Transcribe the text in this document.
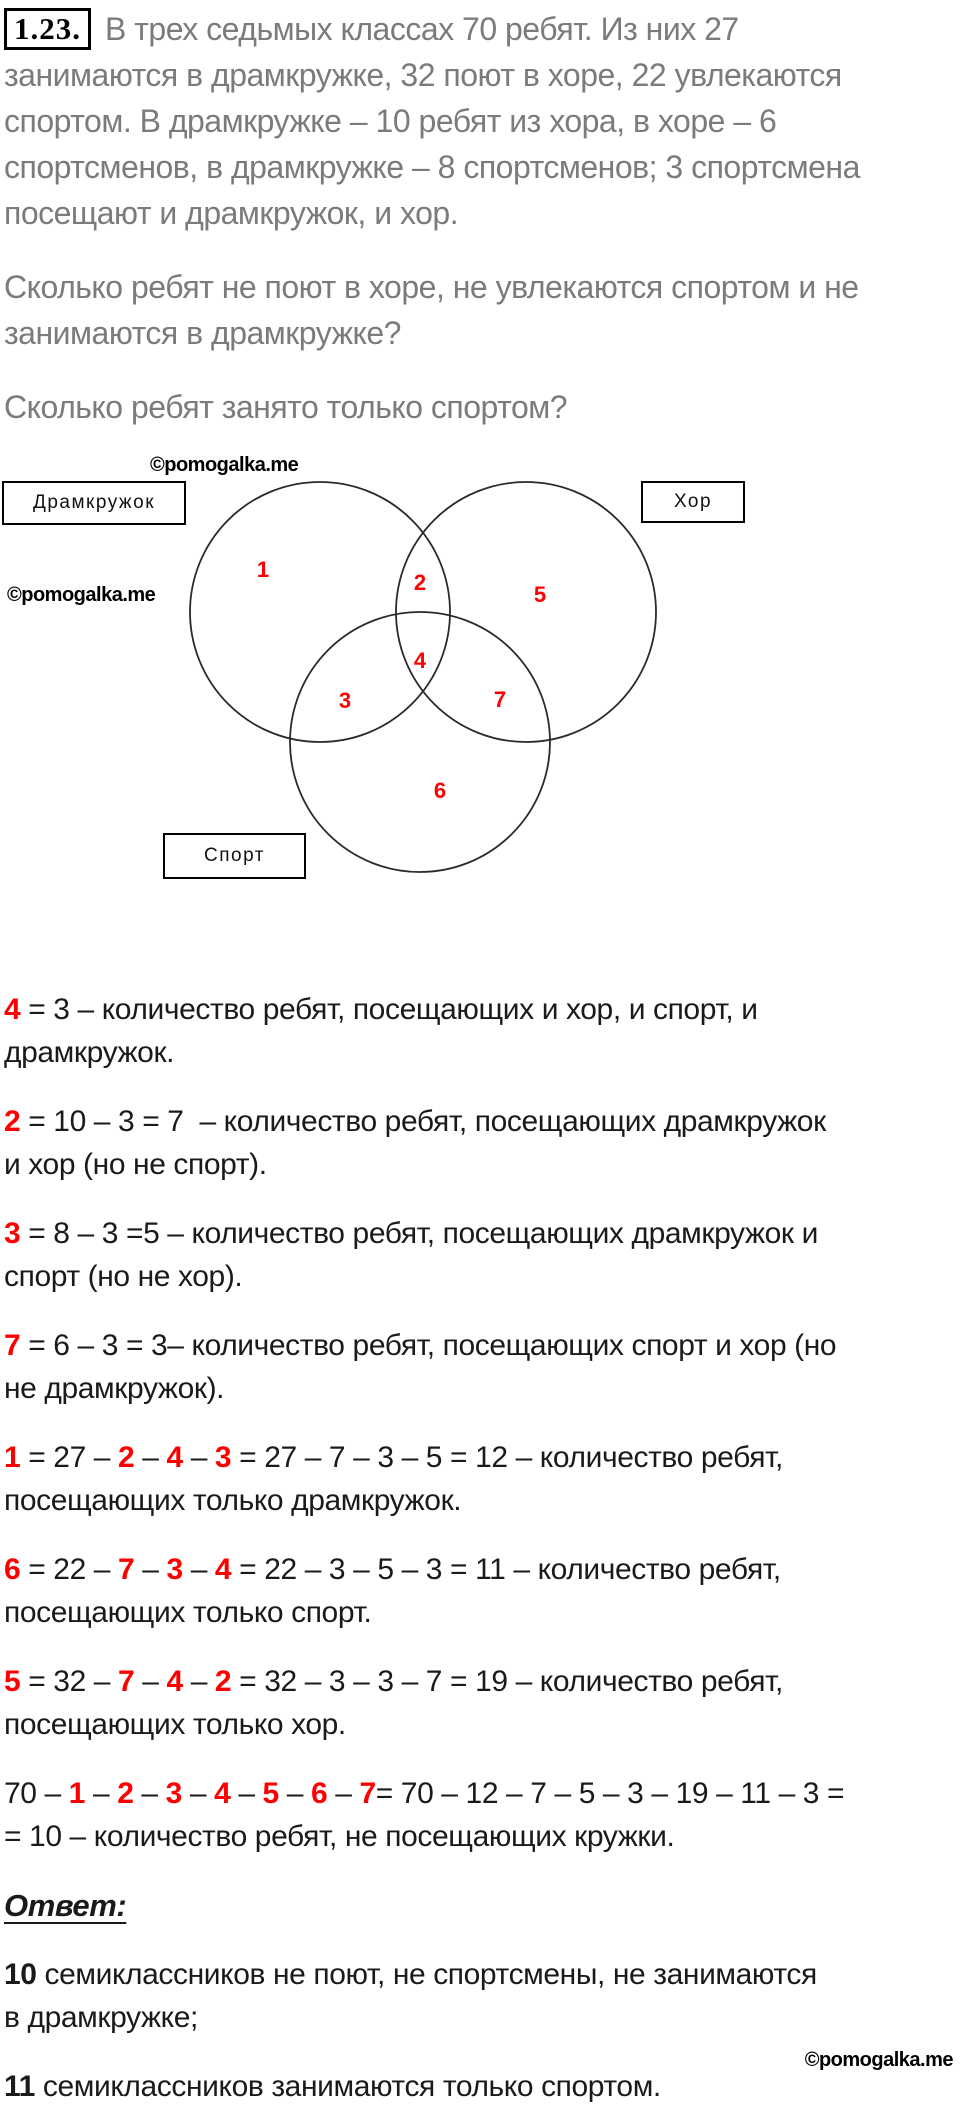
1.23. В трех седьмых классах 70 ребят. Из них 27
занимаются в драмкружке, 32 поют в хоре, 22 увлекаются
спортом. В драмкружке – 10 ребят из хора, в хоре – 6
спортсменов, в драмкружке – 8 спортсменов; 3 спортсмена
посещают и драмкружок, и хор.
Сколько ребят не поют в хоре, не увлекаются спортом и не
занимаются в драмкружке?
Сколько ребят занято только спортом?
©pomogalka.me
©pomogalka.me
Драмкружок	Хор
Спорт
1
2	5
4
3	7
6
4 = 3 – количество ребят, посещающих и хор, и спорт, и
драмкружок.
2 = 10 – 3 = 7  – количество ребят, посещающих драмкружок
и хор (но не спорт).
3 = 8 – 3 =5 – количество ребят, посещающих драмкружок и
спорт (но не хор).
7 = 6 – 3 = 3– количество ребят, посещающих спорт и хор (но
не драмкружок).
1 = 27 – 2 – 4 – 3 = 27 – 7 – 3 – 5 = 12 – количество ребят,
посещающих только драмкружок.
6 = 22 – 7 – 3 – 4 = 22 – 3 – 5 – 3 = 11 – количество ребят,
посещающих только спорт.
5 = 32 – 7 – 4 – 2 = 32 – 3 – 3 – 7 = 19 – количество ребят,
посещающих только хор.
70 – 1 – 2 – 3 – 4 – 5 – 6 – 7= 70 – 12 – 7 – 5 – 3 – 19 – 11 – 3 =
= 10 – количество ребят, не посещающих кружки.
Ответ:
©pomogalka.me
10 семиклассников не поют, не спортсмены, не занимаются
в драмкружке;
11 семиклассников занимаются только спортом.
